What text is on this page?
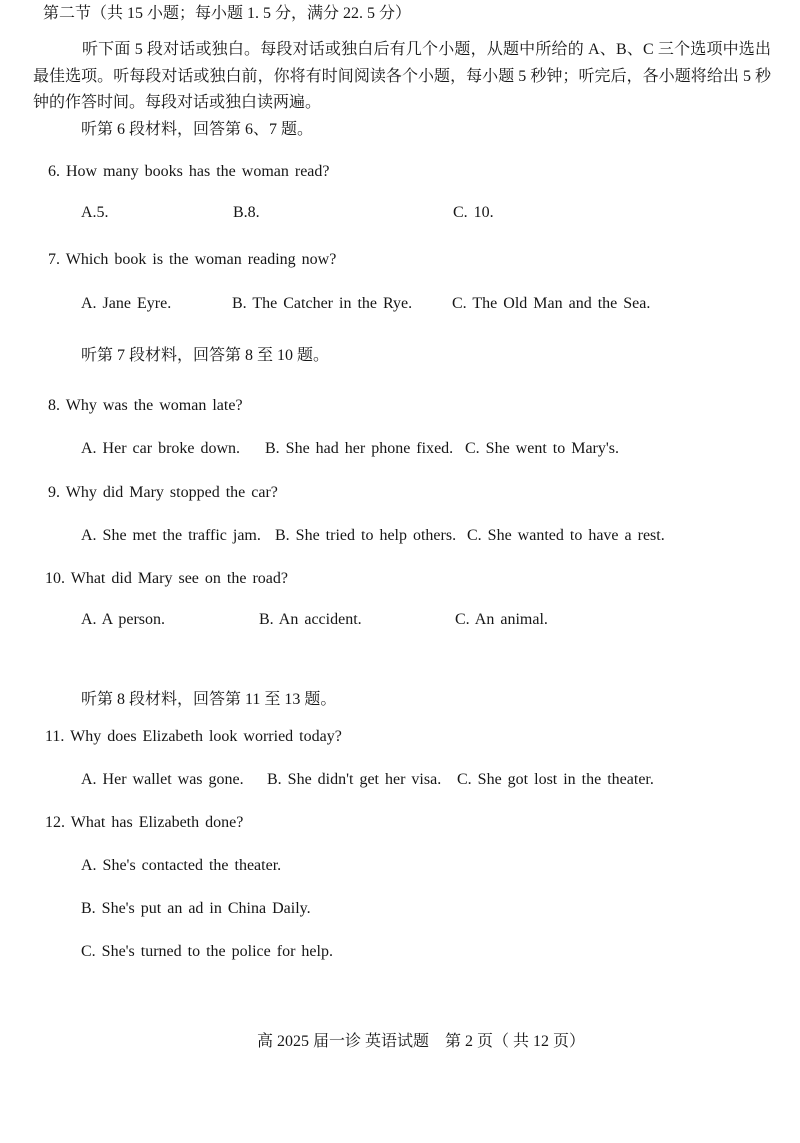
第二节（共 15 小题；每小题 1. 5 分，满分 22. 5 分）
听下面 5 段对话或独白。每段对话或独白后有几个小题，从题中所给的 A、B、C 三个选项中选出最佳选项。听每段对话或独白前，你将有时间阅读各个小题，每小题 5 秒钟；听完后，各小题将给出 5 秒钟的作答时间。每段对话或独白读两遍。
听第 6 段材料，回答第 6、7 题。
6. How many books has the woman read?
A.5.	B.8.	C. 10.
7. Which book is the woman reading now?
A. Jane Eyre.	B. The Catcher in the Rye. C. The Old Man and the Sea.
听第 7 段材料，回答第 8 至 10 题。
8. Why was the woman late?
A. Her car broke down. B. She had her phone fixed. C. She went to Mary's.
9. Why did Mary stopped the car?
A. She met the traffic jam. B. She tried to help others. C. She wanted to have a rest.
10. What did Mary see on the road?
A. A person.	B. An accident.	C. An animal.
听第 8 段材料，回答第 11 至 13 题。
11. Why does Elizabeth look worried today?
A. Her wallet was gone. B. She didn't get her visa. C. She got lost in the theater.
12. What has Elizabeth done?
A. She's contacted the theater.
B. She's put an ad in China Daily.
C. She's turned to the police for help.
高 2025 届一诊 英语试题　第 2 页（ 共 12 页）
